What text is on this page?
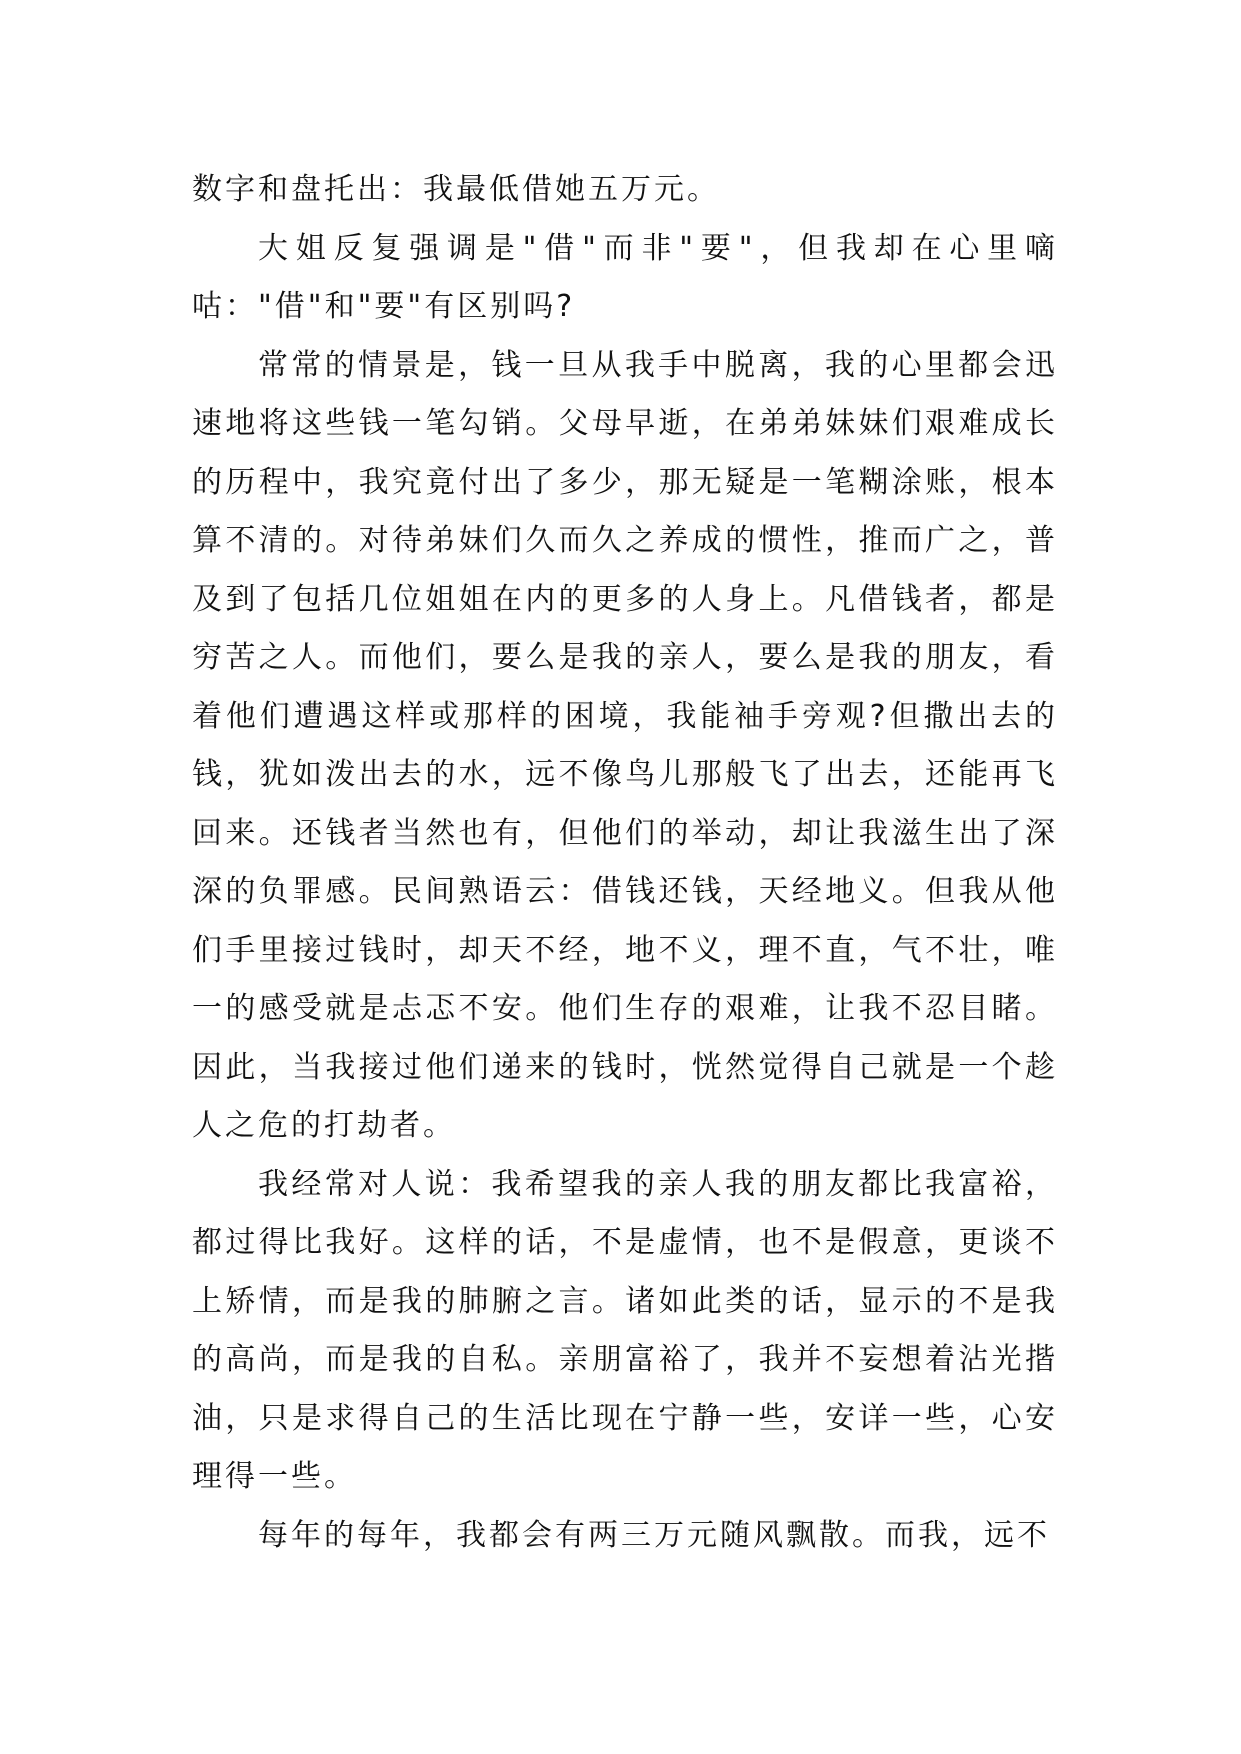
数字和盘托出：我最低借她五万元。

大姐反复强调是"借"而非"要"，但我却在心里嘀咕："借"和"要"有区别吗?

常常的情景是，钱一旦从我手中脱离，我的心里都会迅速地将这些钱一笔勾销。父母早逝，在弟弟妹妹们艰难成长的历程中，我究竟付出了多少，那无疑是一笔糊涂账，根本算不清的。对待弟妹们久而久之养成的惯性，推而广之，普及到了包括几位姐姐在内的更多的人身上。凡借钱者，都是穷苦之人。而他们，要么是我的亲人，要么是我的朋友，看着他们遭遇这样或那样的困境，我能袖手旁观?但撒出去的钱，犹如泼出去的水，远不像鸟儿那般飞了出去，还能再飞回来。还钱者当然也有，但他们的举动，却让我滋生出了深深的负罪感。民间熟语云：借钱还钱，天经地义。但我从他们手里接过钱时，却天不经，地不义，理不直，气不壮，唯一的感受就是忐忑不安。他们生存的艰难，让我不忍目睹。因此，当我接过他们递来的钱时，恍然觉得自己就是一个趁人之危的打劫者。

我经常对人说：我希望我的亲人我的朋友都比我富裕，都过得比我好。这样的话，不是虚情，也不是假意，更谈不上矫情，而是我的肺腑之言。诸如此类的话，显示的不是我的高尚，而是我的自私。亲朋富裕了，我并不妄想着沾光揩油，只是求得自己的生活比现在宁静一些，安详一些，心安理得一些。

每年的每年，我都会有两三万元随风飘散。而我，远不
